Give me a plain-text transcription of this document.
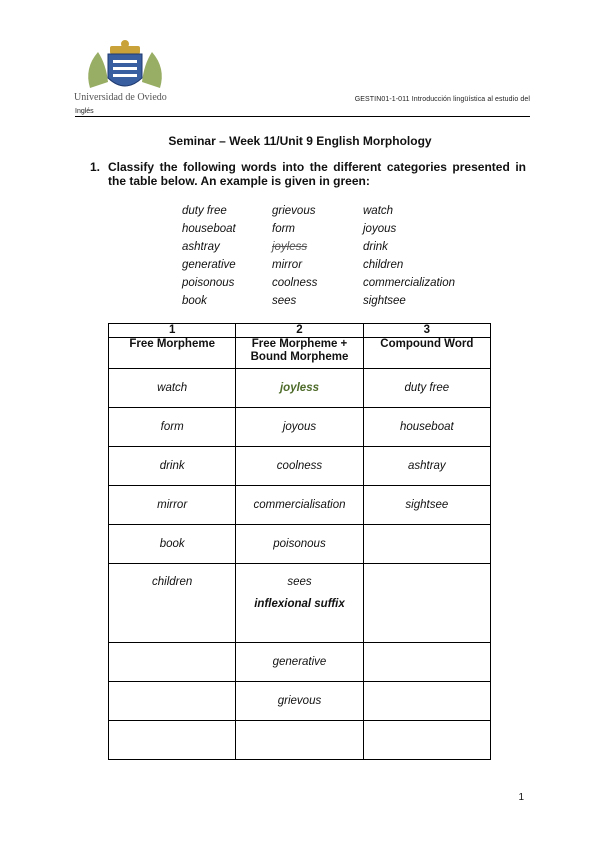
Universidad de Oviedo
Inglés
GESTIN01-1-011 Introducción lingüística al estudio del
Seminar – Week 11/Unit 9 English Morphology
1. Classify the following words into the different categories presented in the table below. An example is given in green:
duty free
houseboat
ashtray
generative
poisonous
book
grievous
form
joyless
mirror
coolness
sees
watch
joyous
drink
children
commercialization
sightsee
1	2	3
Free Morpheme	Free Morpheme + Bound Morpheme	Compound Word
watch	joyless	duty free
form	joyous	houseboat
drink	coolness	ashtray
mirror	commercialisation	sightsee
book	poisonous	
children	sees
inflexional suffix	

	generative	
	grievous	

1
